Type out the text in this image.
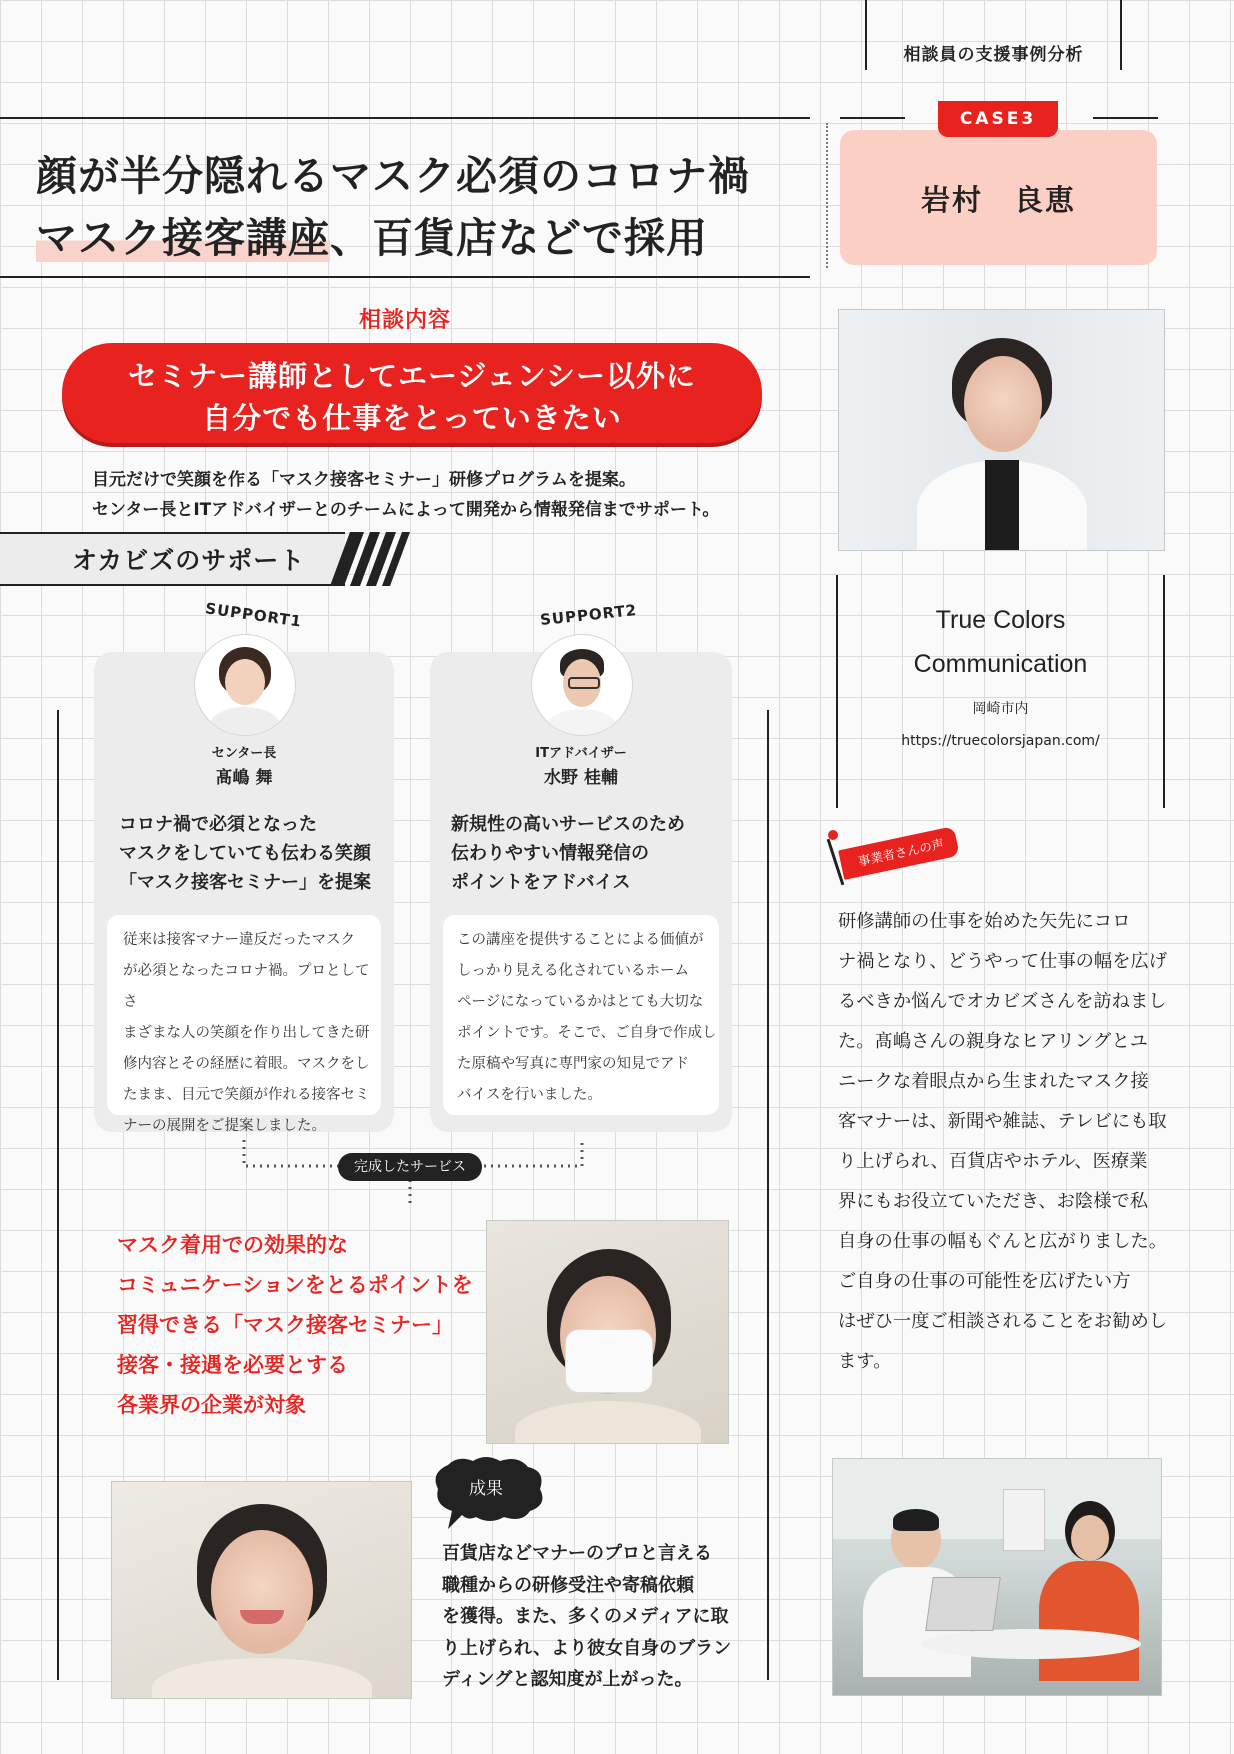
相談員の支援事例分析
顔が半分隠れるマスク必須のコロナ禍
マスク接客講座、百貨店などで採用
CASE3
岩村　良恵
相談内容
セミナー講師としてエージェンシー以外に
自分でも仕事をとっていきたい
目元だけで笑顔を作る「マスク接客セミナー」研修プログラムを提案。
センター長とITアドバイザーとのチームによって開発から情報発信までサポート。
オカビズのサポート
SUPPORT1
センター長
髙嶋 舞
コロナ禍で必須となった
マスクをしていても伝わる笑顔
「マスク接客セミナー」を提案
従来は接客マナー違反だったマスク
が必須となったコロナ禍。プロとしてさ
まざまな人の笑顔を作り出してきた研
修内容とその経歴に着眼。マスクをし
たまま、目元で笑顔が作れる接客セミ
ナーの展開をご提案しました。
SUPPORT2
ITアドバイザー
水野 桂輔
新規性の高いサービスのため
伝わりやすい情報発信の
ポイントをアドバイス
この講座を提供することによる価値が
しっかり見える化されているホーム
ページになっているかはとても大切な
ポイントです。そこで、ご自身で作成し
た原稿や写真に専門家の知見でアド
バイスを行いました。
完成したサービス
マスク着用での効果的な
コミュニケーションをとるポイントを
習得できる「マスク接客セミナー」
接客・接遇を必要とする
各業界の企業が対象
成果
百貨店などマナーのプロと言える
職種からの研修受注や寄稿依頼
を獲得。また、多くのメディアに取
り上げられ、より彼女自身のブラン
ディングと認知度が上がった。
True Colors
Communication
岡崎市内
https://truecolorsjapan.com/
事業者さんの声
研修講師の仕事を始めた矢先にコロ
ナ禍となり、どうやって仕事の幅を広げ
るべきか悩んでオカビズさんを訪ねまし
た。髙嶋さんの親身なヒアリングとユ
ニークな着眼点から生まれたマスク接
客マナーは、新聞や雑誌、テレビにも取
り上げられ、百貨店やホテル、医療業
界にもお役立ていただき、お陰様で私
自身の仕事の幅もぐんと広がりました。
ご自身の仕事の可能性を広げたい方
はぜひ一度ご相談されることをお勧めし
ます。
